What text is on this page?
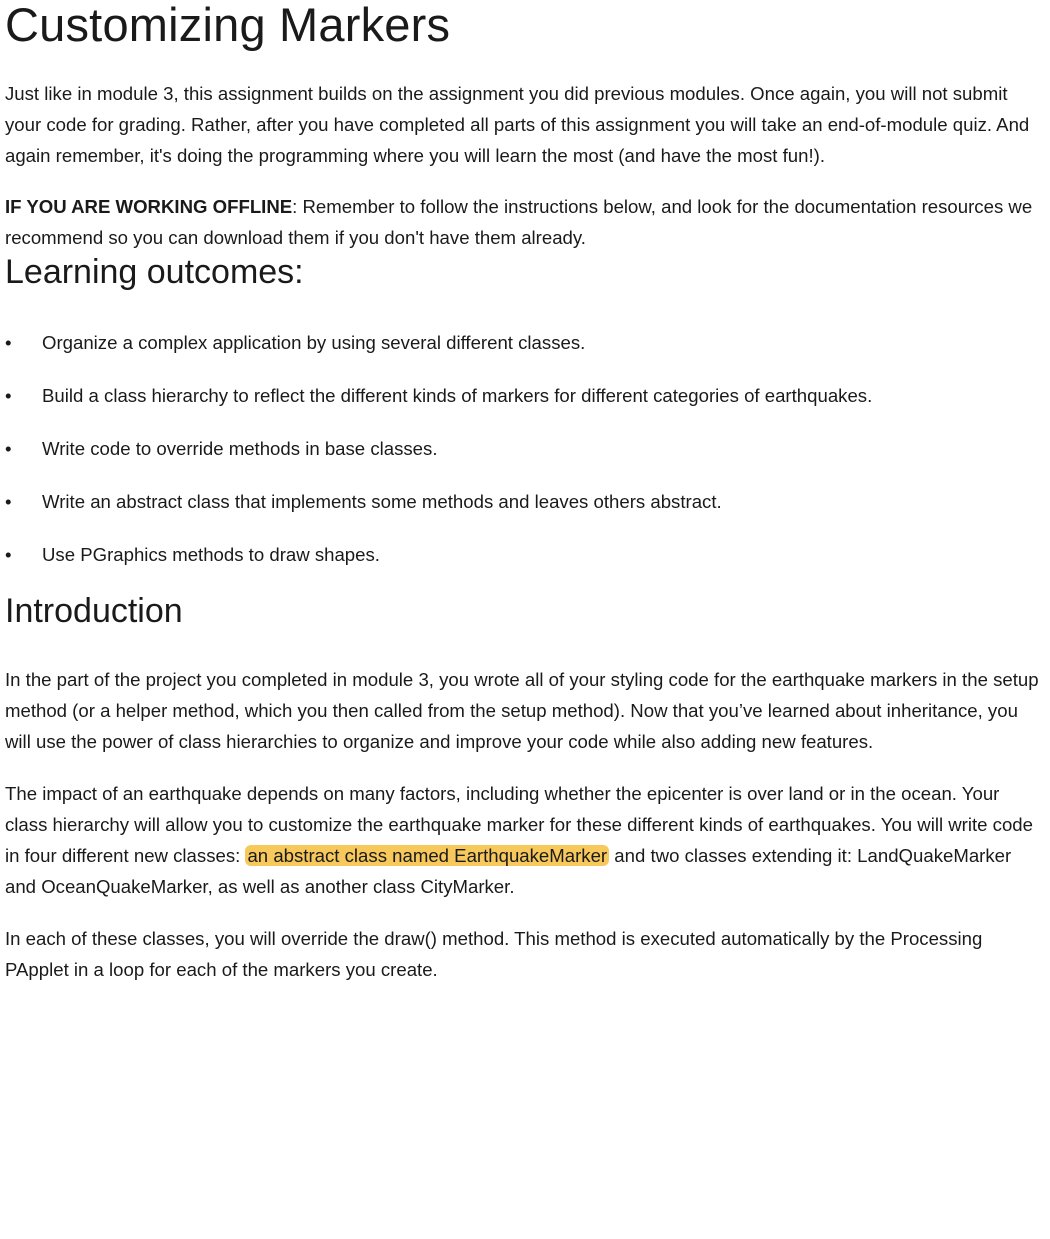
Customizing Markers

Just like in module 3, this assignment builds on the assignment you did previous modules. Once again, you will not submit your code for grading. Rather, after you have completed all parts of this assignment you will take an end-of-module quiz. And again remember, it's doing the programming where you will learn the most (and have the most fun!).

IF YOU ARE WORKING OFFLINE: Remember to follow the instructions below, and look for the documentation resources we recommend so you can download them if you don't have them already.

Learning outcomes:
• Organize a complex application by using several different classes.
• Build a class hierarchy to reflect the different kinds of markers for different categories of earthquakes.
• Write code to override methods in base classes.
• Write an abstract class that implements some methods and leaves others abstract.
• Use PGraphics methods to draw shapes.
Introduction

In the part of the project you completed in module 3, you wrote all of your styling code for the earthquake markers in the setup method (or a helper method, which you then called from the setup method). Now that you’ve learned about inheritance, you will use the power of class hierarchies to organize and improve your code while also adding new features.

The impact of an earthquake depends on many factors, including whether the epicenter is over land or in the ocean. Your class hierarchy will allow you to customize the earthquake marker for these different kinds of earthquakes. You will write code in four different new classes: an abstract class named EarthquakeMarker and two classes extending it: LandQuakeMarker and OceanQuakeMarker, as well as another class CityMarker.

In each of these classes, you will override the draw() method. This method is executed automatically by the Processing PApplet in a loop for each of the markers you create.
